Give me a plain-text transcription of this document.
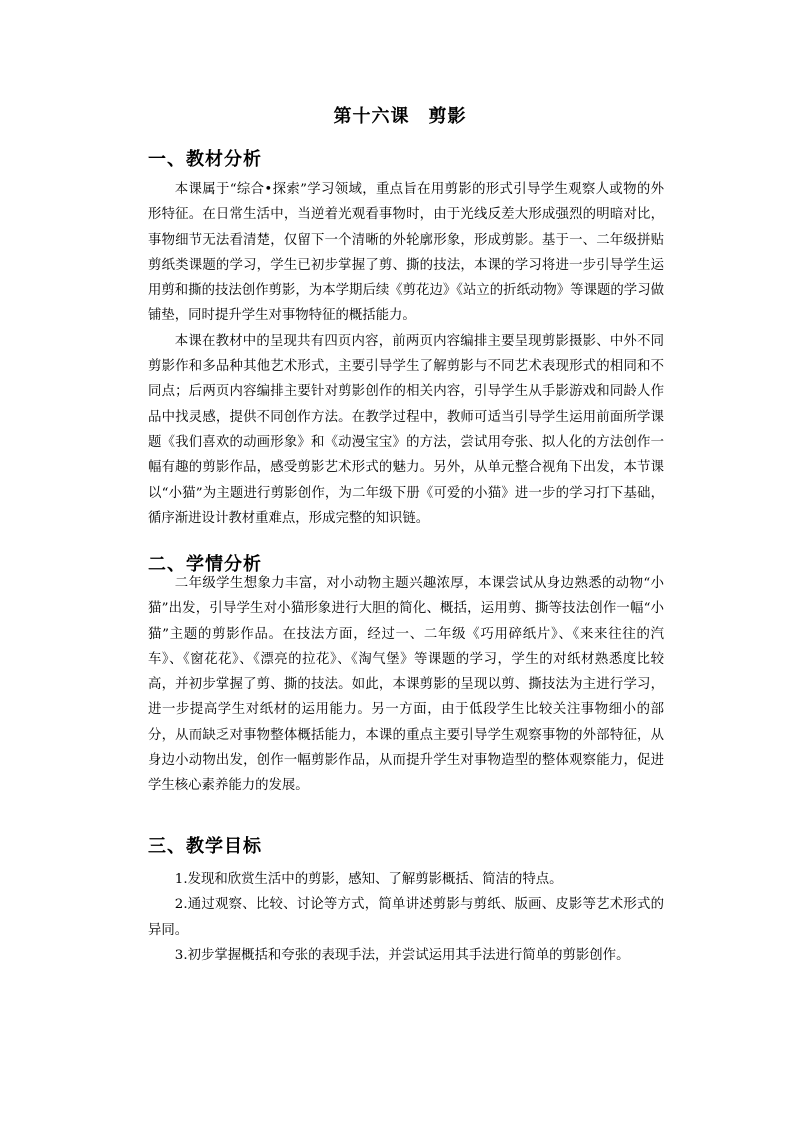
第十六课　剪影
一、教材分析

本课属于“综合•探索”学习领域，重点旨在用剪影的形式引导学生观察人或物的外形特征。在日常生活中，当逆着光观看事物时，由于光线反差大形成强烈的明暗对比，事物细节无法看清楚，仅留下一个清晰的外轮廓形象，形成剪影。基于一、二年级拼贴剪纸类课题的学习，学生已初步掌握了剪、撕的技法，本课的学习将进一步引导学生运用剪和撕的技法创作剪影，为本学期后续《剪花边》《站立的折纸动物》等课题的学习做铺垫，同时提升学生对事物特征的概括能力。

本课在教材中的呈现共有四页内容，前两页内容编排主要呈现剪影摄影、中外不同剪影作和多品种其他艺术形式，主要引导学生了解剪影与不同艺术表现形式的相同和不同点；后两页内容编排主要针对剪影创作的相关内容，引导学生从手影游戏和同龄人作品中找灵感，提供不同创作方法。在教学过程中，教师可适当引导学生运用前面所学课题《我们喜欢的动画形象》和《动漫宝宝》的方法，尝试用夸张、拟人化的方法创作一幅有趣的剪影作品，感受剪影艺术形式的魅力。另外，从单元整合视角下出发，本节课以“小猫”为主题进行剪影创作，为二年级下册《可爱的小猫》进一步的学习打下基础，循序渐进设计教材重难点，形成完整的知识链。

二、学情分析

二年级学生想象力丰富，对小动物主题兴趣浓厚，本课尝试从身边熟悉的动物“小猫”出发，引导学生对小猫形象进行大胆的简化、概括，运用剪、撕等技法创作一幅“小猫”主题的剪影作品。在技法方面，经过一、二年级《巧用碎纸片》、《来来往往的汽车》、《窗花花》、《漂亮的拉花》、《淘气堡》等课题的学习，学生的对纸材熟悉度比较高，并初步掌握了剪、撕的技法。如此，本课剪影的呈现以剪、撕技法为主进行学习，进一步提高学生对纸材的运用能力。另一方面，由于低段学生比较关注事物细小的部分，从而缺乏对事物整体概括能力，本课的重点主要引导学生观察事物的外部特征，从身边小动物出发，创作一幅剪影作品，从而提升学生对事物造型的整体观察能力，促进学生核心素养能力的发展。

三、教学目标

1.发现和欣赏生活中的剪影，感知、了解剪影概括、简洁的特点。

2.通过观察、比较、讨论等方式，简单讲述剪影与剪纸、版画、皮影等艺术形式的异同。

3.初步掌握概括和夸张的表现手法，并尝试运用其手法进行简单的剪影创作。
